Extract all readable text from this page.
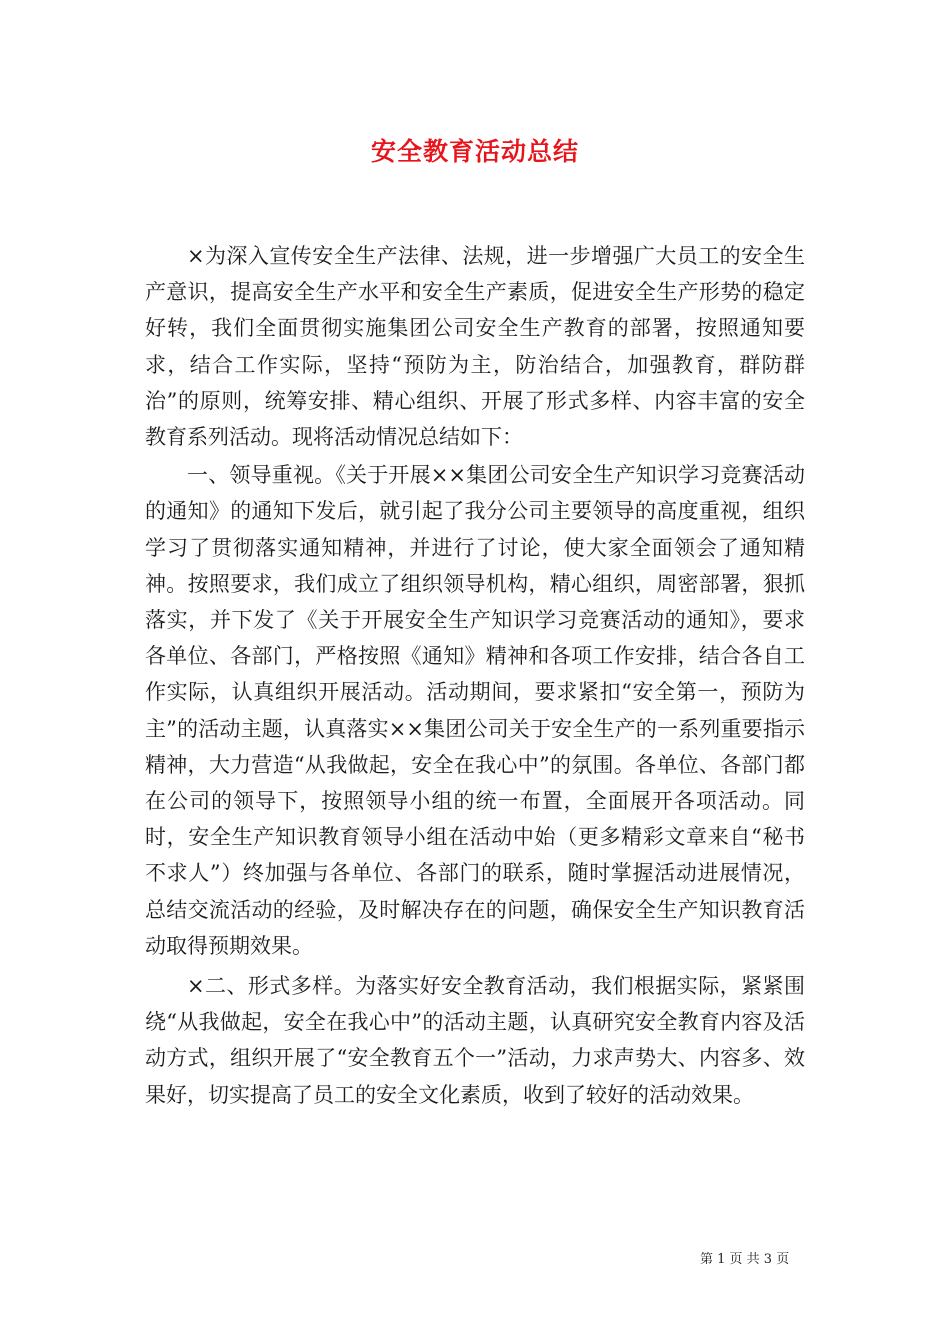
安全教育活动总结

×为深入宣传安全生产法律、法规，进一步增强广大员工的安全生产意识，提高安全生产水平和安全生产素质，促进安全生产形势的稳定好转，我们全面贯彻实施集团公司安全生产教育的部署，按照通知要求，结合工作实际，坚持“预防为主，防治结合，加强教育，群防群治”的原则，统筹安排、精心组织、开展了形式多样、内容丰富的安全教育系列活动。现将活动情况总结如下：

一、领导重视。《关于开展××集团公司安全生产知识学习竞赛活动的通知》的通知下发后，就引起了我分公司主要领导的高度重视，组织学习了贯彻落实通知精神，并进行了讨论，使大家全面领会了通知精神。按照要求，我们成立了组织领导机构，精心组织，周密部署，狠抓落实，并下发了《关于开展安全生产知识学习竞赛活动的通知》，要求各单位、各部门，严格按照《通知》精神和各项工作安排，结合各自工作实际，认真组织开展活动。活动期间，要求紧扣“安全第一，预防为主”的活动主题，认真落实××集团公司关于安全生产的一系列重要指示精神，大力营造“从我做起，安全在我心中”的氛围。各单位、各部门都在公司的领导下，按照领导小组的统一布置，全面展开各项活动。同时，安全生产知识教育领导小组在活动中始（更多精彩文章来自“秘书不求人”）终加强与各单位、各部门的联系，随时掌握活动进展情况，总结交流活动的经验，及时解决存在的问题，确保安全生产知识教育活动取得预期效果。

×二、形式多样。为落实好安全教育活动，我们根据实际，紧紧围绕“从我做起，安全在我心中”的活动主题，认真研究安全教育内容及活动方式，组织开展了“安全教育五个一”活动，力求声势大、内容多、效果好，切实提高了员工的安全文化素质，收到了较好的活动效果。

第 1 页 共 3 页
